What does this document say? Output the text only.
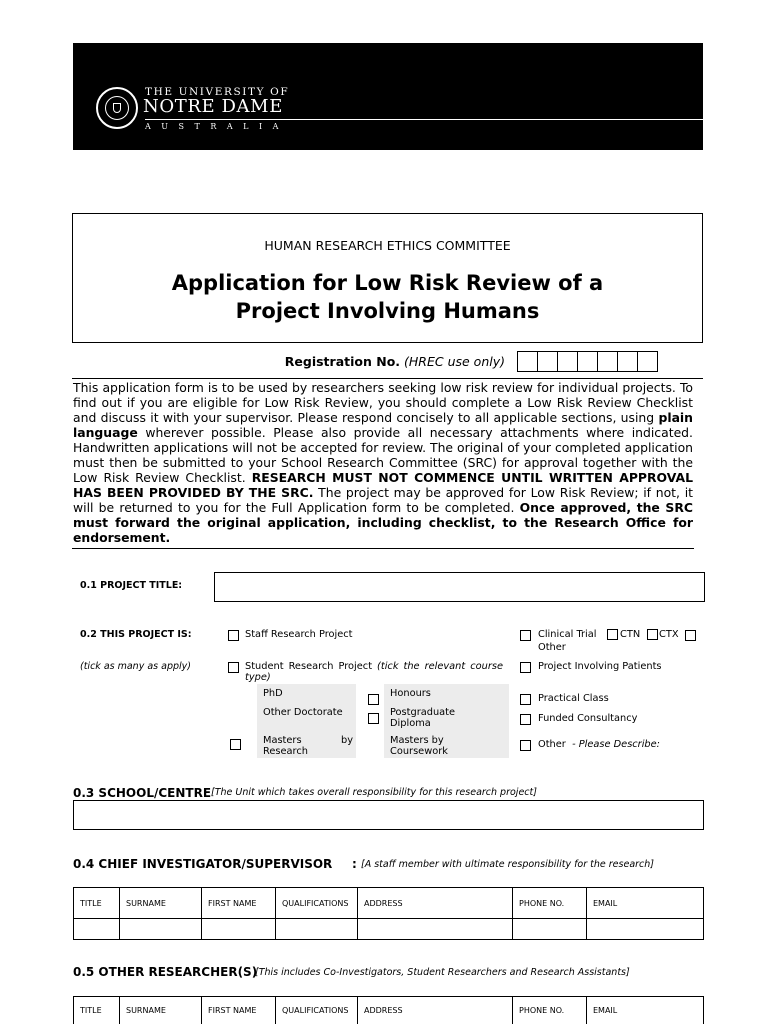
THE UNIVERSITY OF
NOTRE DAME
AUSTRALIA
HUMAN RESEARCH ETHICS COMMITTEE
Application for Low Risk Review of a
Project Involving Humans
Registration No. (HREC use only)
This application form is to be used by researchers seeking low risk review for individual projects. To find out if you are eligible for Low Risk Review, you should complete a Low Risk Review Checklist and discuss it with your supervisor. Please respond concisely to all applicable sections, using plain language wherever possible. Please also provide all necessary attachments where indicated. Handwritten applications will not be accepted for review. The original of your completed application must then be submitted to your School Research Committee (SRC) for approval together with the Low Risk Review Checklist. RESEARCH MUST NOT COMMENCE UNTIL WRITTEN APPROVAL HAS BEEN PROVIDED BY THE SRC. The project may be approved for Low Risk Review; if not, it will be returned to you for the Full Application form to be completed. Once approved, the SRC must forward the original application, including checklist, to the Research Office for endorsement.
0.1 PROJECT TITLE:
0.2 THIS PROJECT IS:
(tick as many as apply)
Staff Research Project
Student Research Project (tick the relevant course type)
PhD	Honours
Other Doctorate	Postgraduate Diploma
Masters by Research
Masters by Coursework
Clinical Trial CTN CTX
Other
Project Involving Patients
Practical Class
Funded Consultancy
Other - Please Describe:
0.3 SCHOOL/CENTRE [The Unit which takes overall responsibility for this research project]
0.4 CHIEF INVESTIGATOR/SUPERVISOR : [A staff member with ultimate responsibility for the research]
TITLE	SURNAME	FIRST NAME	QUALIFICATIONS	ADDRESS	PHONE NO.	EMAIL

0.5 OTHER RESEARCHER(S)
[This includes Co-Investigators, Student Researchers and Research Assistants]
TITLE	SURNAME	FIRST NAME	QUALIFICATIONS	ADDRESS	PHONE NO.	EMAIL
